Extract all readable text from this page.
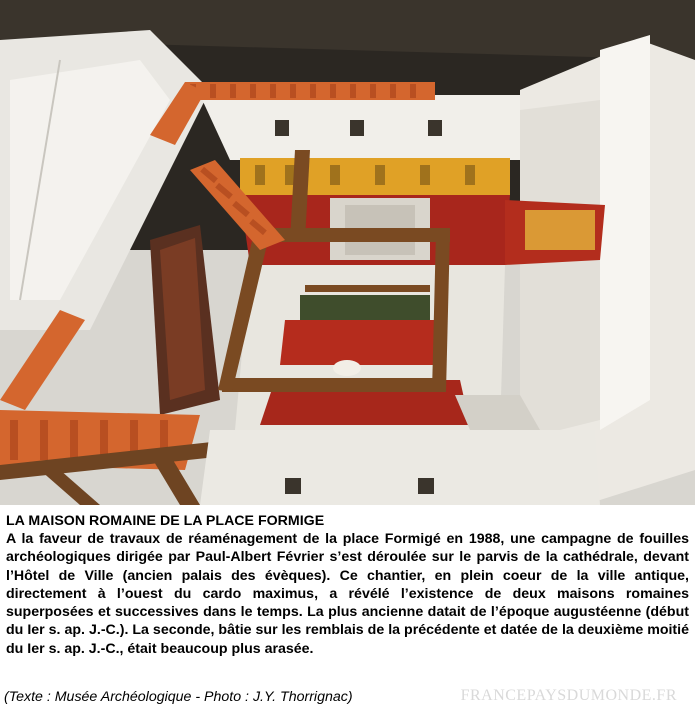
LA MAISON ROMAINE DE LA PLACE FORMIGE

A la faveur de travaux de réaménagement de la place Formigé en 1988, une campagne de fouilles archéologiques dirigée par Paul-Albert Février s’est déroulée sur le parvis de la cathédrale, devant l’Hôtel de Ville (ancien palais des évèques). Ce chantier, en plein coeur de la ville antique, directement à l’ouest du cardo maximus, a révélé l’existence de deux maisons romaines superposées et successives dans le temps. La plus ancienne datait de l’époque augustéenne (début du Ier s. ap. J.-C.). La seconde, bâtie sur les remblais de la précédente et datée de la deuxième moitié du Ier s. ap. J.-C., était beaucoup plus arasée.

(Texte : Musée Archéologique - Photo : J.Y. Thorrignac)	FRANCEPAYSDUMONDE.FR
